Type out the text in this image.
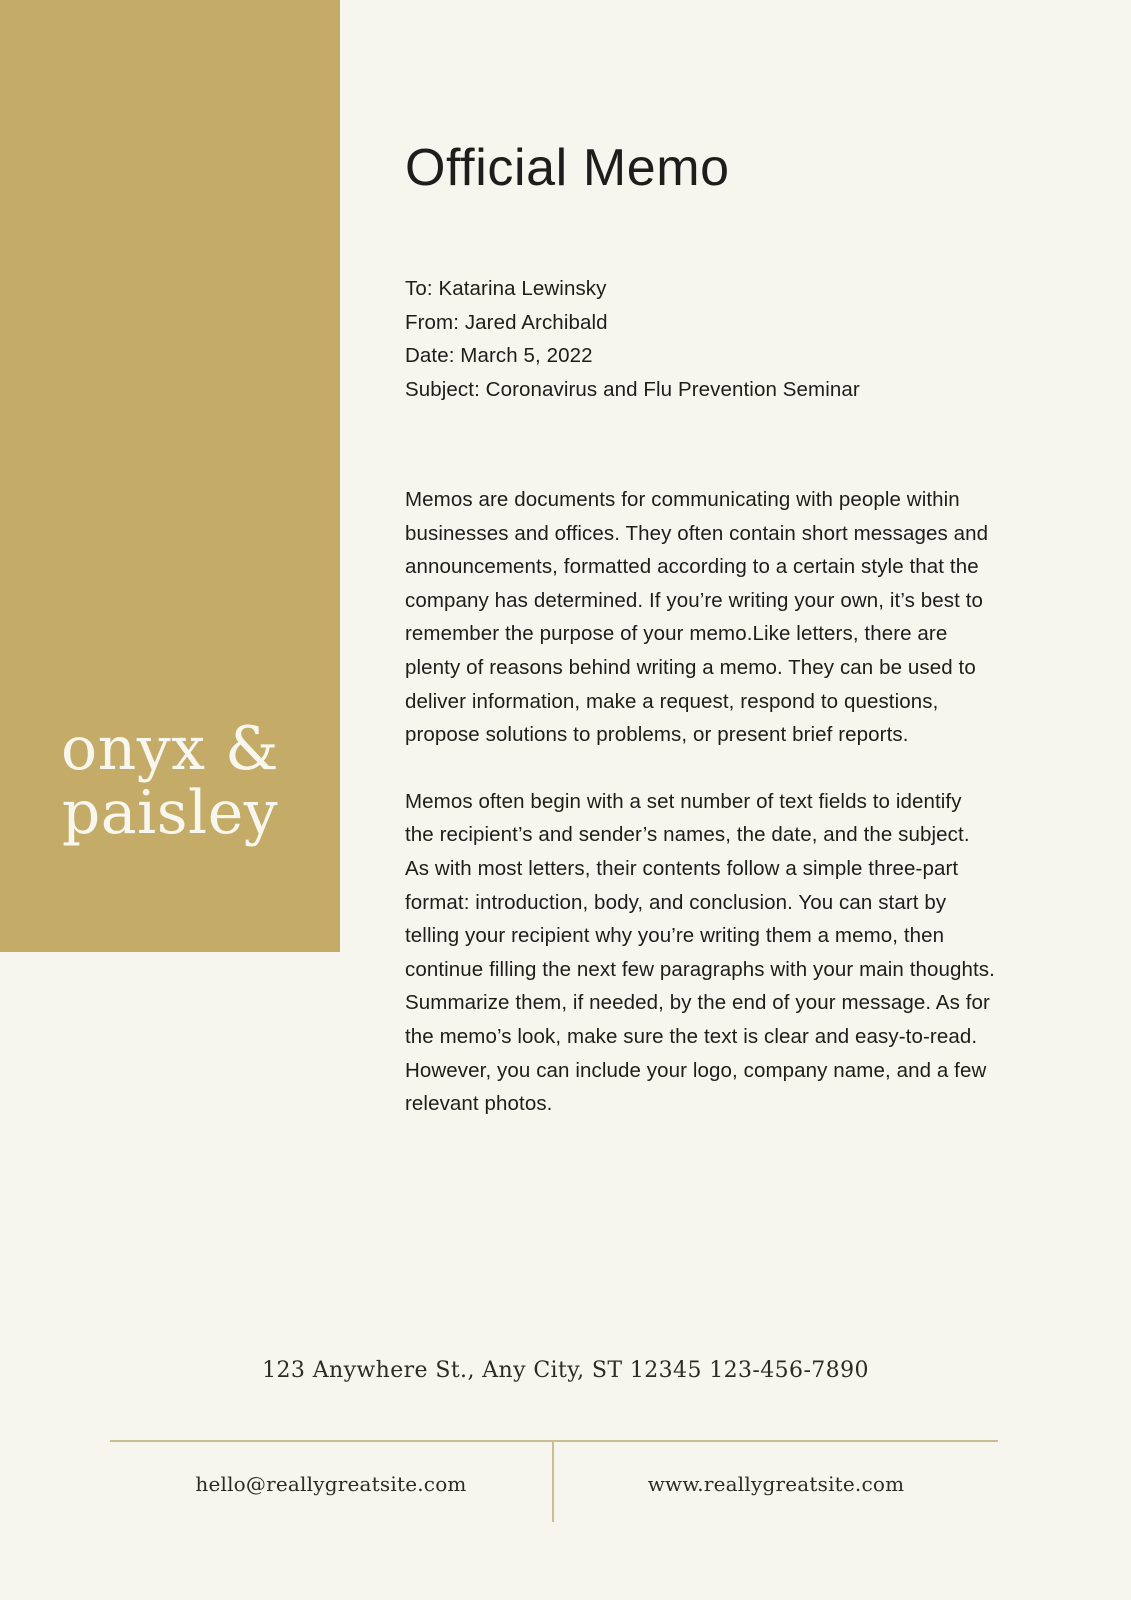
onyx &
paisley
Official Memo
To: Katarina Lewinsky
From: Jared Archibald
Date: March 5, 2022
Subject: Coronavirus and Flu Prevention Seminar

Memos are documents for communicating with people within businesses and offices. They often contain short messages and announcements, formatted according to a certain style that the company has determined. If you’re writing your own, it’s best to remember the purpose of your memo.Like letters, there are plenty of reasons behind writing a memo. They can be used to deliver information, make a request, respond to questions, propose solutions to problems, or present brief reports.

Memos often begin with a set number of text fields to identify the recipient’s and sender’s names, the date, and the subject. As with most letters, their contents follow a simple three-part format: introduction, body, and conclusion. You can start by telling your recipient why you’re writing them a memo, then continue filling the next few paragraphs with your main thoughts. Summarize them, if needed, by the end of your message. As for the memo’s look, make sure the text is clear and easy-to-read. However, you can include your logo, company name, and a few relevant photos.

123 Anywhere St., Any City, ST 12345 123-456-7890
hello@reallygreatsite.com	www.reallygreatsite.com
